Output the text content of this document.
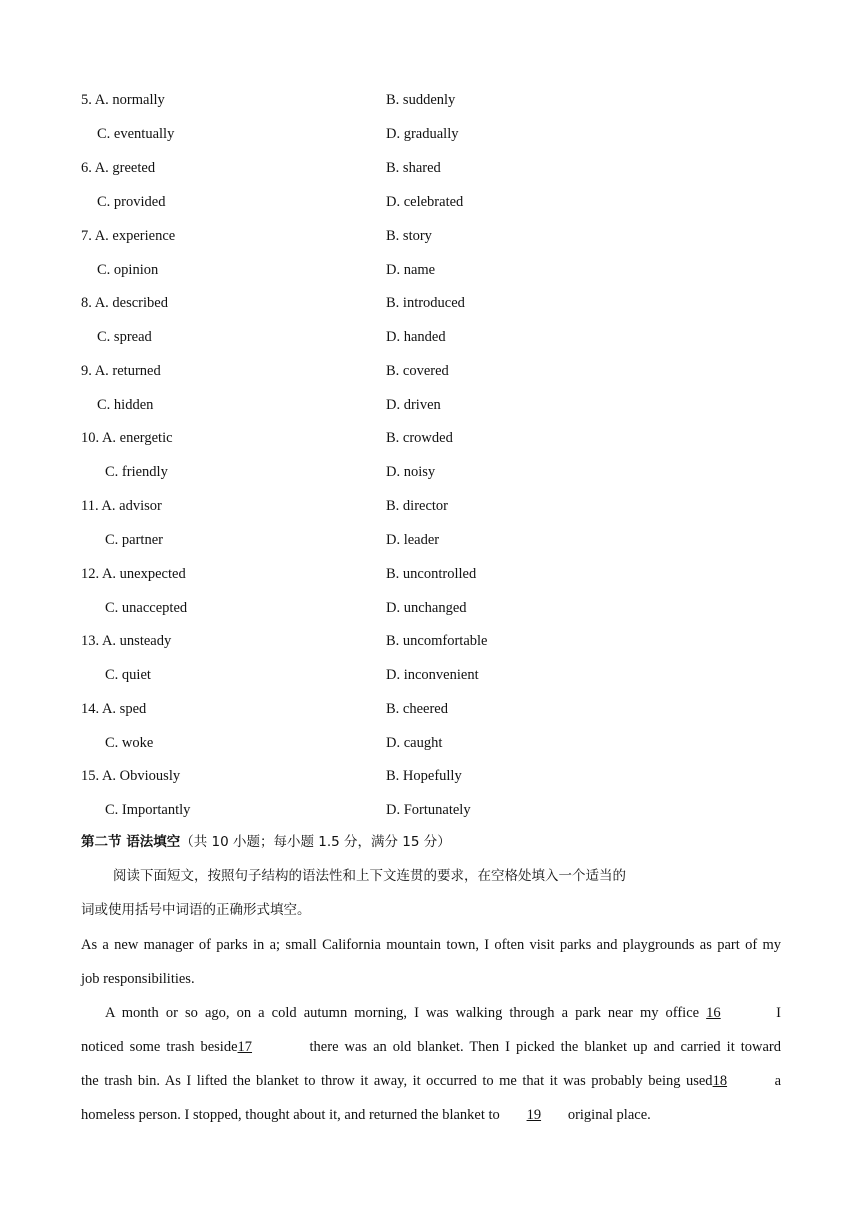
5. A. normally	B. suddenly
C. eventually	D. gradually
6. A. greeted	B. shared
C. provided	D. celebrated
7. A. experience	B. story
C. opinion	D. name
8. A. described	B. introduced
C. spread	D. handed
9. A. returned	B. covered
C. hidden	D. driven
10. A. energetic	B. crowded
C. friendly	D. noisy
11. A. advisor	B. director
C. partner	D. leader
12. A. unexpected	B. uncontrolled
C. unaccepted	D. unchanged
13. A. unsteady	B. uncomfortable
C. quiet	D. inconvenient
14. A. sped	B. cheered
C. woke	D. caught
15. A. Obviously	B. Hopefully
C. Importantly	D. Fortunately
第二节 语法填空（共 10 小题；每小题 1.5 分，满分 15 分）
阅读下面短文，按照句子结构的语法性和上下文连贯的要求，在空格处填入一个适当的
词或使用括号中词语的正确形式填空。
As a new manager of parks in a; small California mountain town, I often visit parks and playgrounds as part of my
job responsibilities.
A month or so ago, on a cold autumn morning, I was walking through a park near my office 16	I
noticed some trash beside17	there was an old blanket. Then I picked the blanket up and carried it toward
the trash bin. As I lifted the blanket to throw it away, it occurred to me that it was probably being used18	a
homeless person. I stopped, thought about it, and returned the blanket to 19 original place.
